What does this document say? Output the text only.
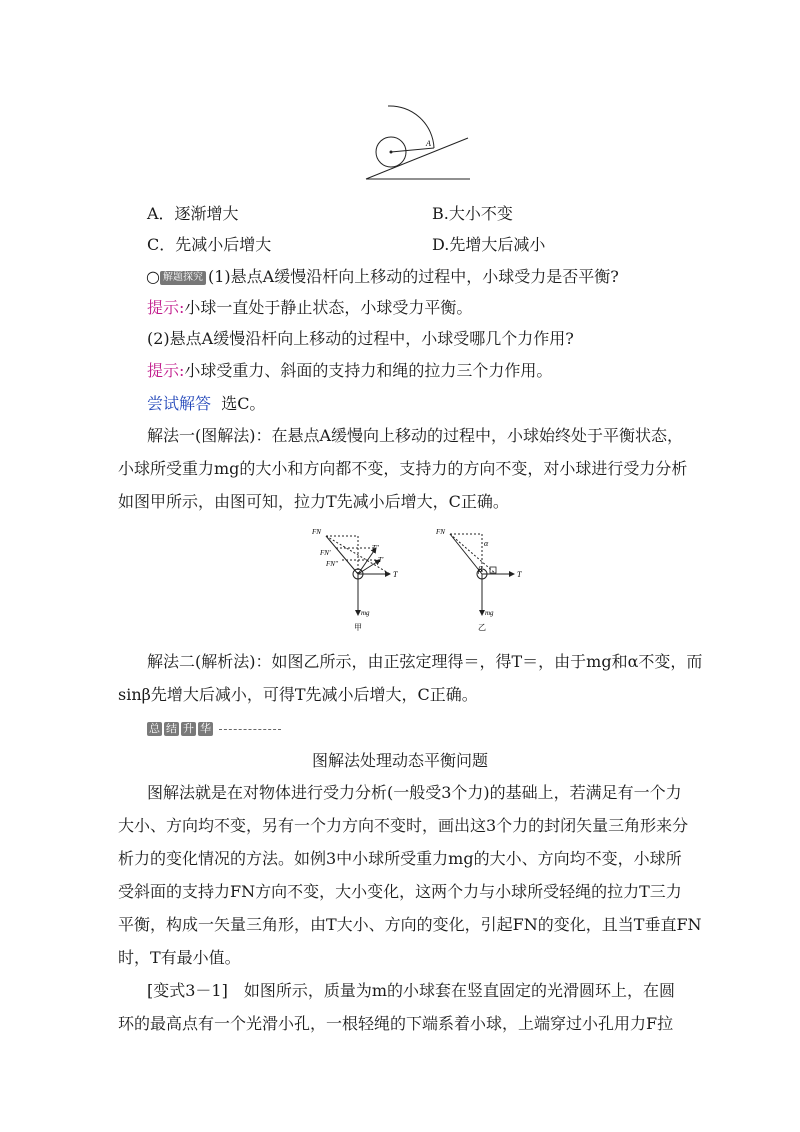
A
A．逐渐增大	B.大小不变
C．先减小后增大	D.先增大后减小
○ 解题探究 (1)悬点A缓慢沿杆向上移动的过程中，小球受力是否平衡?
提示:小球一直处于静止状态，小球受力平衡。
(2)悬点A缓慢沿杆向上移动的过程中，小球受哪几个力作用?
提示:小球受重力、斜面的支持力和绳的拉力三个力作用。
尝试解答 选C。
解法一(图解法)：在悬点A缓慢向上移动的过程中，小球始终处于平衡状态，
小球所受重力mg的大小和方向都不变，支持力的方向不变，对小球进行受力分析
如图甲所示，由图可知，拉力T先减小后增大，C正确。
FN
FN'
FN''
T''
T'
T
mg
甲
FN
α
β
T
mg
乙
解法二(解析法)：如图乙所示，由正弦定理得＝，得T＝，由于mg和α不变，而
sinβ先增大后减小，可得T先减小后增大，C正确。
总 结 升 华
图解法处理动态平衡问题
图解法就是在对物体进行受力分析(一般受3个力)的基础上，若满足有一个力
大小、方向均不变，另有一个力方向不变时，画出这3个力的封闭矢量三角形来分
析力的变化情况的方法。如例3中小球所受重力mg的大小、方向均不变，小球所
受斜面的支持力FN方向不变，大小变化，这两个力与小球所受轻绳的拉力T三力
平衡，构成一矢量三角形，由T大小、方向的变化，引起FN的变化，且当T垂直FN
时，T有最小值。
[变式3－1]　如图所示，质量为m的小球套在竖直固定的光滑圆环上，在圆
环的最高点有一个光滑小孔，一根轻绳的下端系着小球，上端穿过小孔用力F拉
